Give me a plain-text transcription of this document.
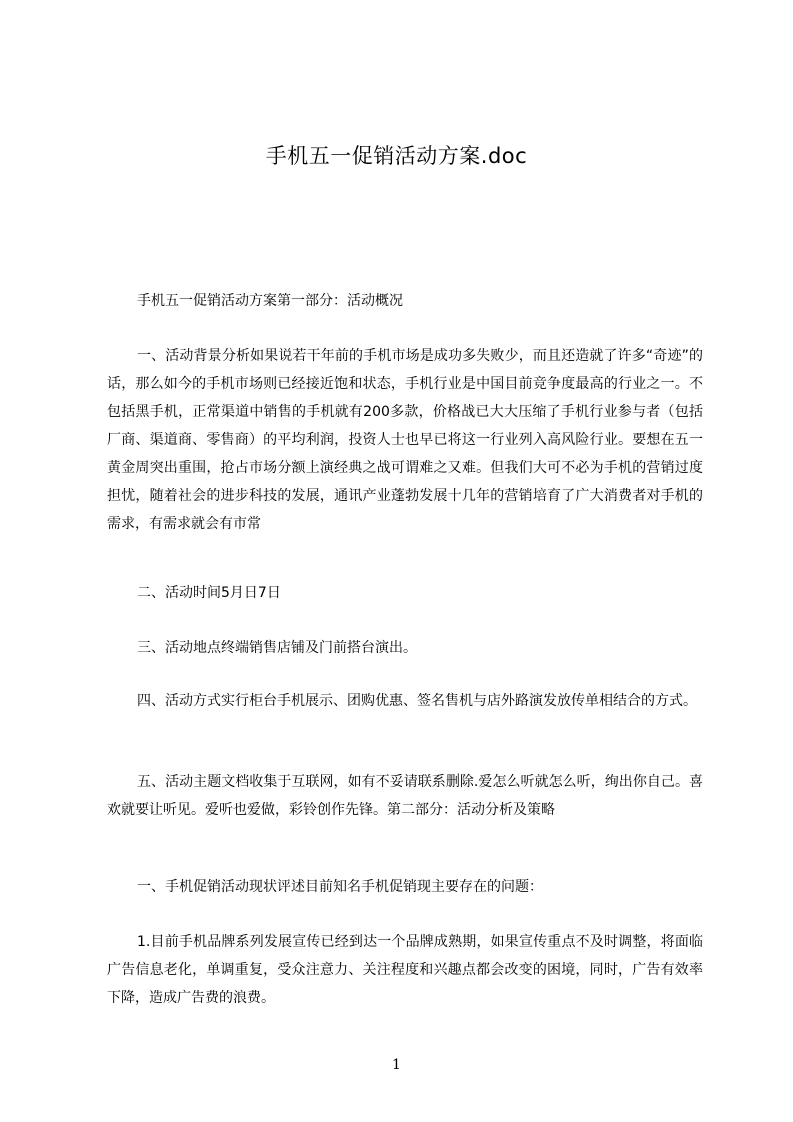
手机五一促销活动方案.doc

手机五一促销活动方案第一部分：活动概况

一、活动背景分析如果说若干年前的手机市场是成功多失败少，而且还造就了许多“奇迹”的话，那么如今的手机市场则已经接近饱和状态，手机行业是中国目前竞争度最高的行业之一。不包括黑手机，正常渠道中销售的手机就有200多款，价格战已大大压缩了手机行业参与者（包括厂商、渠道商、零售商）的平均利润，投资人士也早已将这一行业列入高风险行业。要想在五一黄金周突出重围，抢占市场分额上演经典之战可谓难之又难。但我们大可不必为手机的营销过度担忧，随着社会的进步科技的发展，通讯产业蓬勃发展十几年的营销培育了广大消费者对手机的需求，有需求就会有市常

二、活动时间5月日7日

三、活动地点终端销售店铺及门前搭台演出。

四、活动方式实行柜台手机展示、团购优惠、签名售机与店外路演发放传单相结合的方式。

五、活动主题文档收集于互联网，如有不妥请联系删除.爱怎么听就怎么听，绚出你自己。喜欢就要让听见。爱听也爱做，彩铃创作先锋。第二部分：活动分析及策略

一、手机促销活动现状评述目前知名手机促销现主要存在的问题：

1.目前手机品牌系列发展宣传已经到达一个品牌成熟期，如果宣传重点不及时调整，将面临广告信息老化，单调重复，受众注意力、关注程度和兴趣点都会改变的困境，同时，广告有效率下降，造成广告费的浪费。

1
